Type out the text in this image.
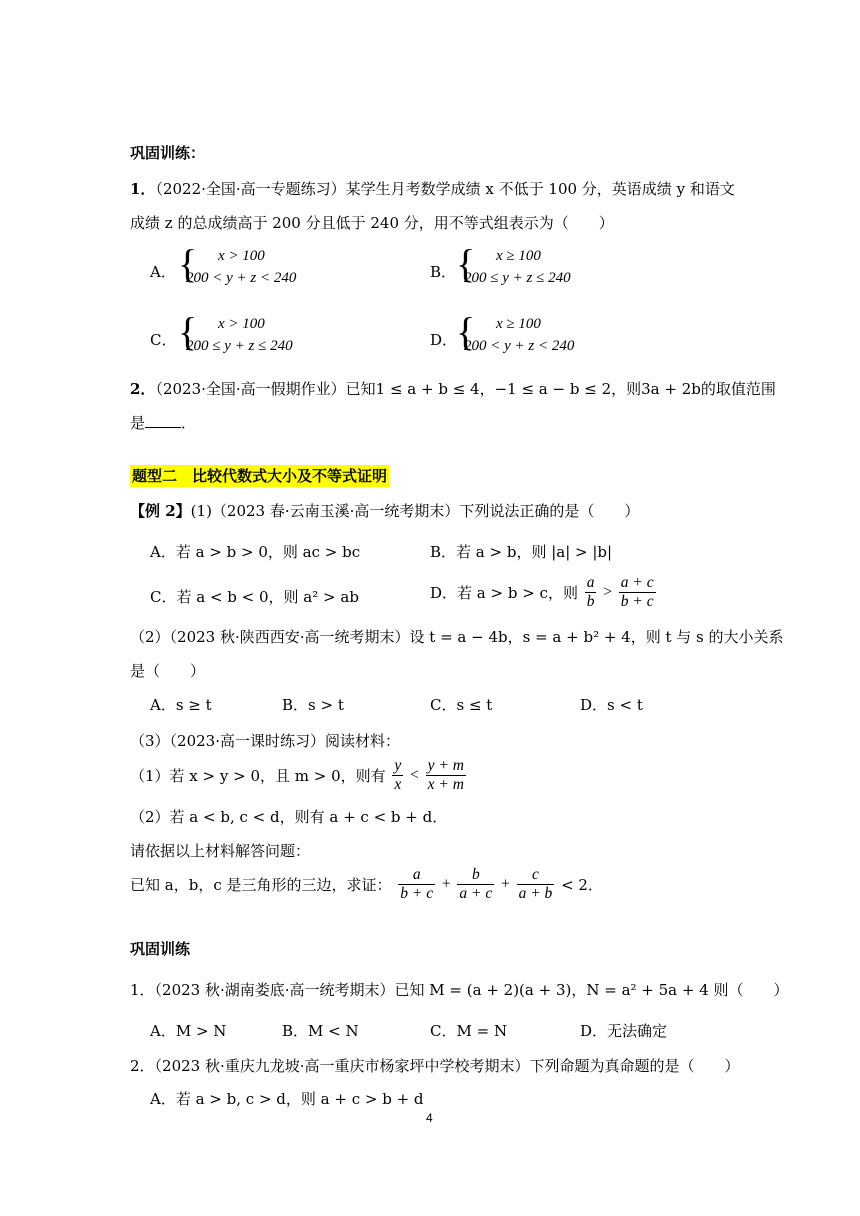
巩固训练：
1．（2022·全国·高一专题练习）某学生月考数学成绩 x 不低于 100 分，英语成绩 y 和语文
成绩 z 的总成绩高于 200 分且低于 240 分，用不等式组表示为（　　）
A． { x > 100
200 < y + z < 240	B． { x ≥ 100
200 ≤ y + z ≤ 240
C． { x > 100
200 ≤ y + z ≤ 240	D．
{ x ≥ 100
200 < y + z < 240
2．（2023·全国·高一假期作业）已知1 ≤ a + b ≤ 4，−1 ≤ a − b ≤ 2，则3a + 2b的取值范围
是 ．
题型二　比较代数式大小及不等式证明
【例 2】(1)（2023 春·云南玉溪·高一统考期末）下列说法正确的是（　　）
A．若 a > b > 0，则 ac > bc	B．若 a > b，则 |a| > |b|
C．若 a < b < 0，则 a² > ab	D．若 a > b > c，则 $\frac{a}{b} > \frac{a + c}{b + c}$
（2）（2023 秋·陕西西安·高一统考期末）设 t = a − 4b，s = a + b² + 4，则 t 与 s 的大小关系
是（　　）
A．s ≥ t	B．s > t	C．s ≤ t	D．s < t
（3）（2023·高一课时练习）阅读材料：
（1）若 x > y > 0，且 m > 0，则有 $\frac{y}{x} < \frac{y + m}{x + m}$
（2）若 a < b, c < d，则有 a + c < b + d．
请依据以上材料解答问题：
已知 a，b，c 是三角形的三边，求证： $\frac{a}{b + c} + \frac{b}{a + c} + \frac{c}{a + b} < 2$．
巩固训练
1．（2023 秋·湖南娄底·高一统考期末）已知 M = (a + 2)(a + 3)，N = a² + 5a + 4 则（　　）
A．M > N	B．M < N	C．M = N	D．无法确定
2．（2023 秋·重庆九龙坡·高一重庆市杨家坪中学校考期末）下列命题为真命题的是（　　）
A．若 a > b, c > d，则 a + c > b + d
4
